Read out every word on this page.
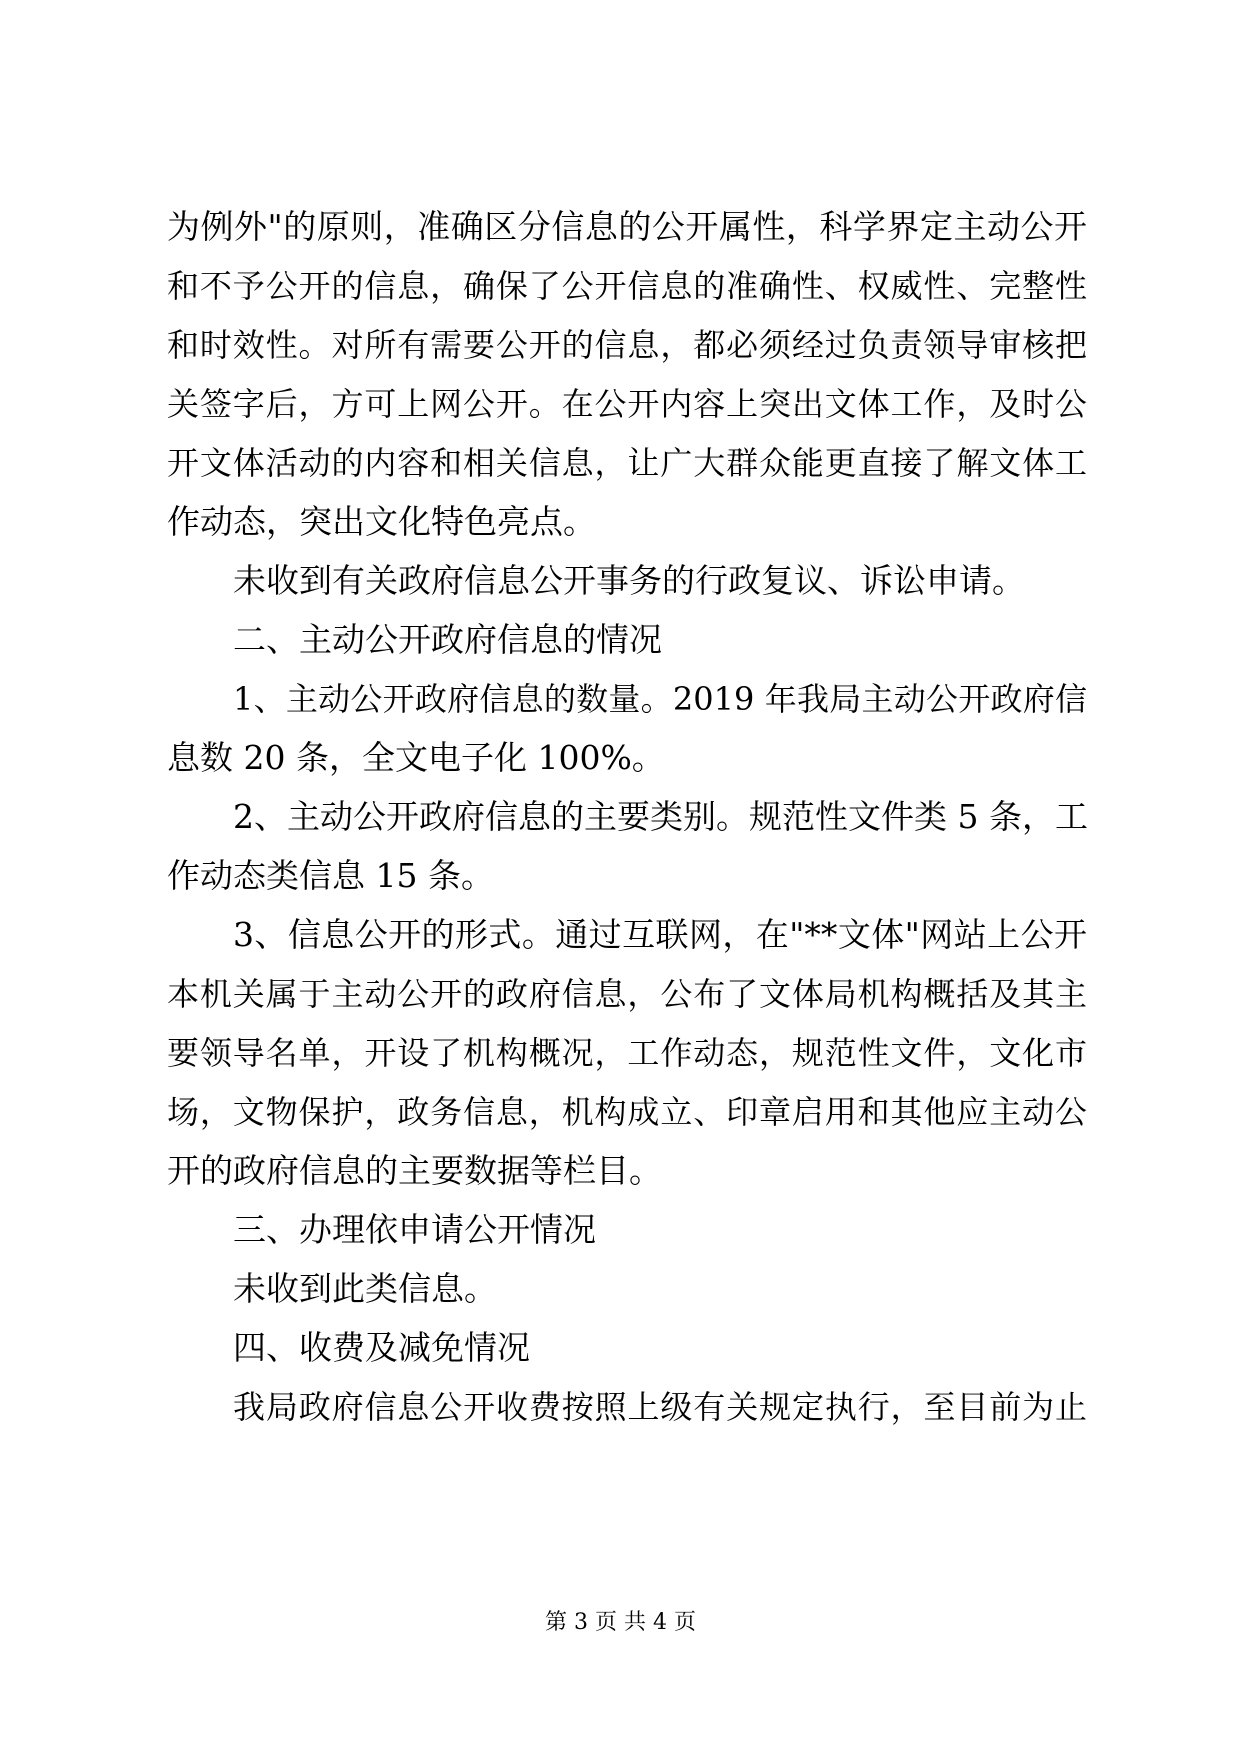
为例外"的原则，准确区分信息的公开属性，科学界定主动公开
和不予公开的信息，确保了公开信息的准确性、权威性、完整性
和时效性。对所有需要公开的信息，都必须经过负责领导审核把
关签字后，方可上网公开。在公开内容上突出文体工作，及时公
开文体活动的内容和相关信息，让广大群众能更直接了解文体工
作动态，突出文化特色亮点。
未收到有关政府信息公开事务的行政复议、诉讼申请。
二、主动公开政府信息的情况
1、主动公开政府信息的数量。2019 年我局主动公开政府信
息数 20 条，全文电子化 100%。
2、主动公开政府信息的主要类别。规范性文件类 5 条，工
作动态类信息 15 条。
3、信息公开的形式。通过互联网，在"**文体"网站上公开
本机关属于主动公开的政府信息，公布了文体局机构概括及其主
要领导名单，开设了机构概况，工作动态，规范性文件，文化市
场，文物保护，政务信息，机构成立、印章启用和其他应主动公
开的政府信息的主要数据等栏目。
三、办理依申请公开情况
未收到此类信息。
四、收费及减免情况
我局政府信息公开收费按照上级有关规定执行，至目前为止
第 3 页 共 4 页
